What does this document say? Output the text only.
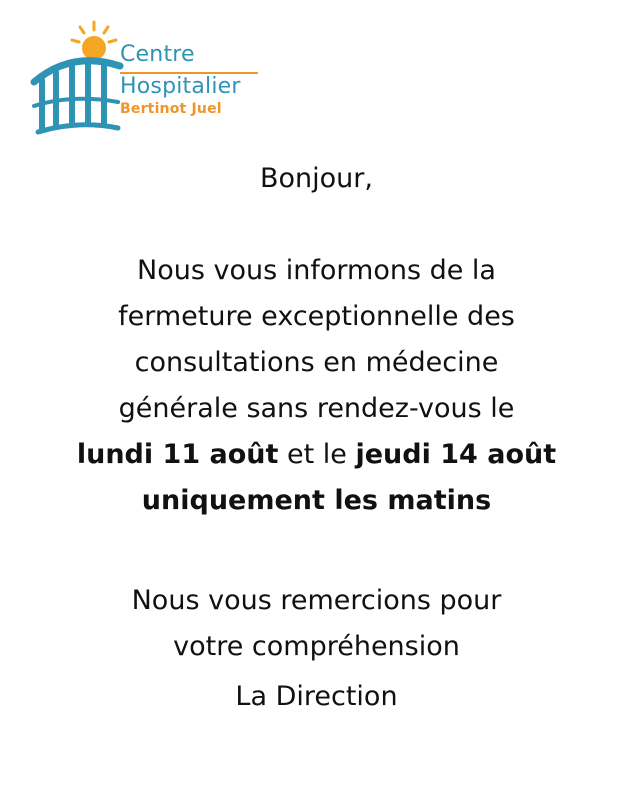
Centre
Hospitalier
Bertinot Juel

Bonjour,

Nous vous informons de la
fermeture exceptionnelle des
consultations en médecine
générale sans rendez-vous le
lundi 11 août et le jeudi 14 août
uniquement les matins

Nous vous remercions pour
votre compréhension

La Direction
